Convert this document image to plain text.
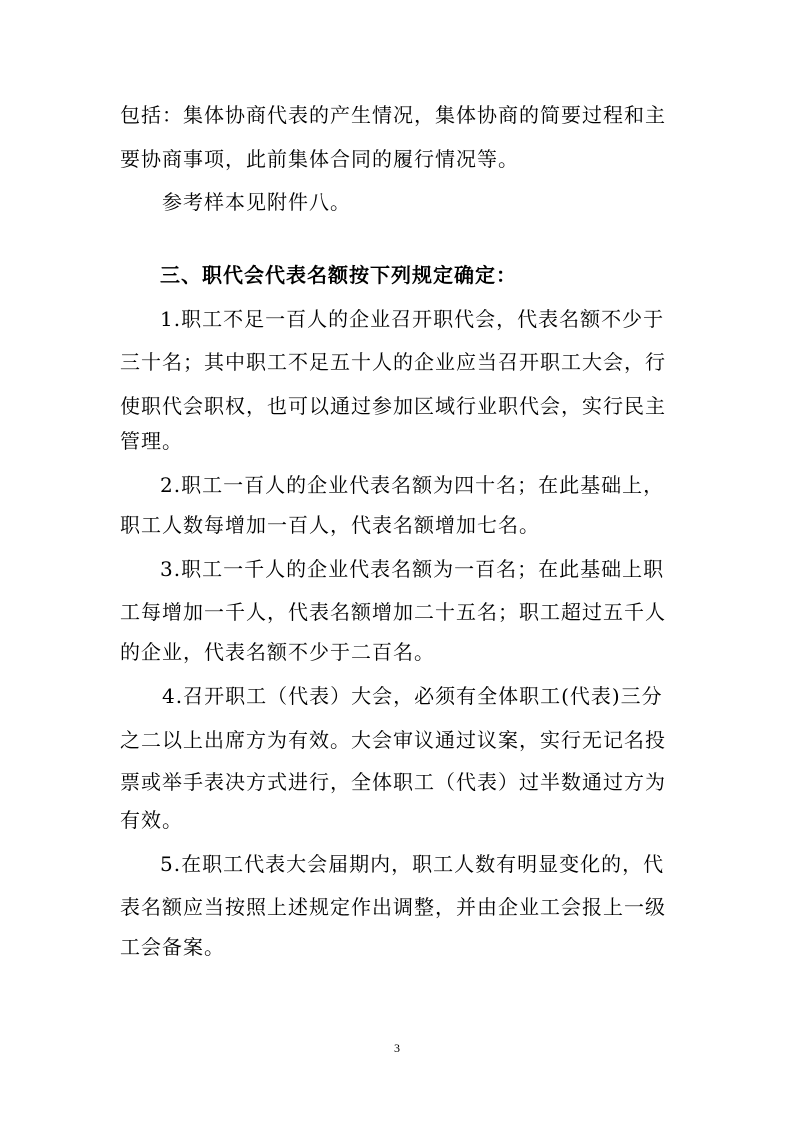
包括：集体协商代表的产生情况，集体协商的简要过程和主
要协商事项，此前集体合同的履行情况等。
参考样本见附件八。
三、职代会代表名额按下列规定确定：
1.职工不足一百人的企业召开职代会，代表名额不少于
三十名；其中职工不足五十人的企业应当召开职工大会，行
使职代会职权，也可以通过参加区域行业职代会，实行民主
管理。
2.职工一百人的企业代表名额为四十名；在此基础上，
职工人数每增加一百人，代表名额增加七名。
3.职工一千人的企业代表名额为一百名；在此基础上职
工每增加一千人，代表名额增加二十五名；职工超过五千人
的企业，代表名额不少于二百名。
4.召开职工（代表）大会，必须有全体职工(代表)三分
之二以上出席方为有效。大会审议通过议案，实行无记名投
票或举手表决方式进行，全体职工（代表）过半数通过方为
有效。
5.在职工代表大会届期内，职工人数有明显变化的，代
表名额应当按照上述规定作出调整，并由企业工会报上一级
工会备案。
3
